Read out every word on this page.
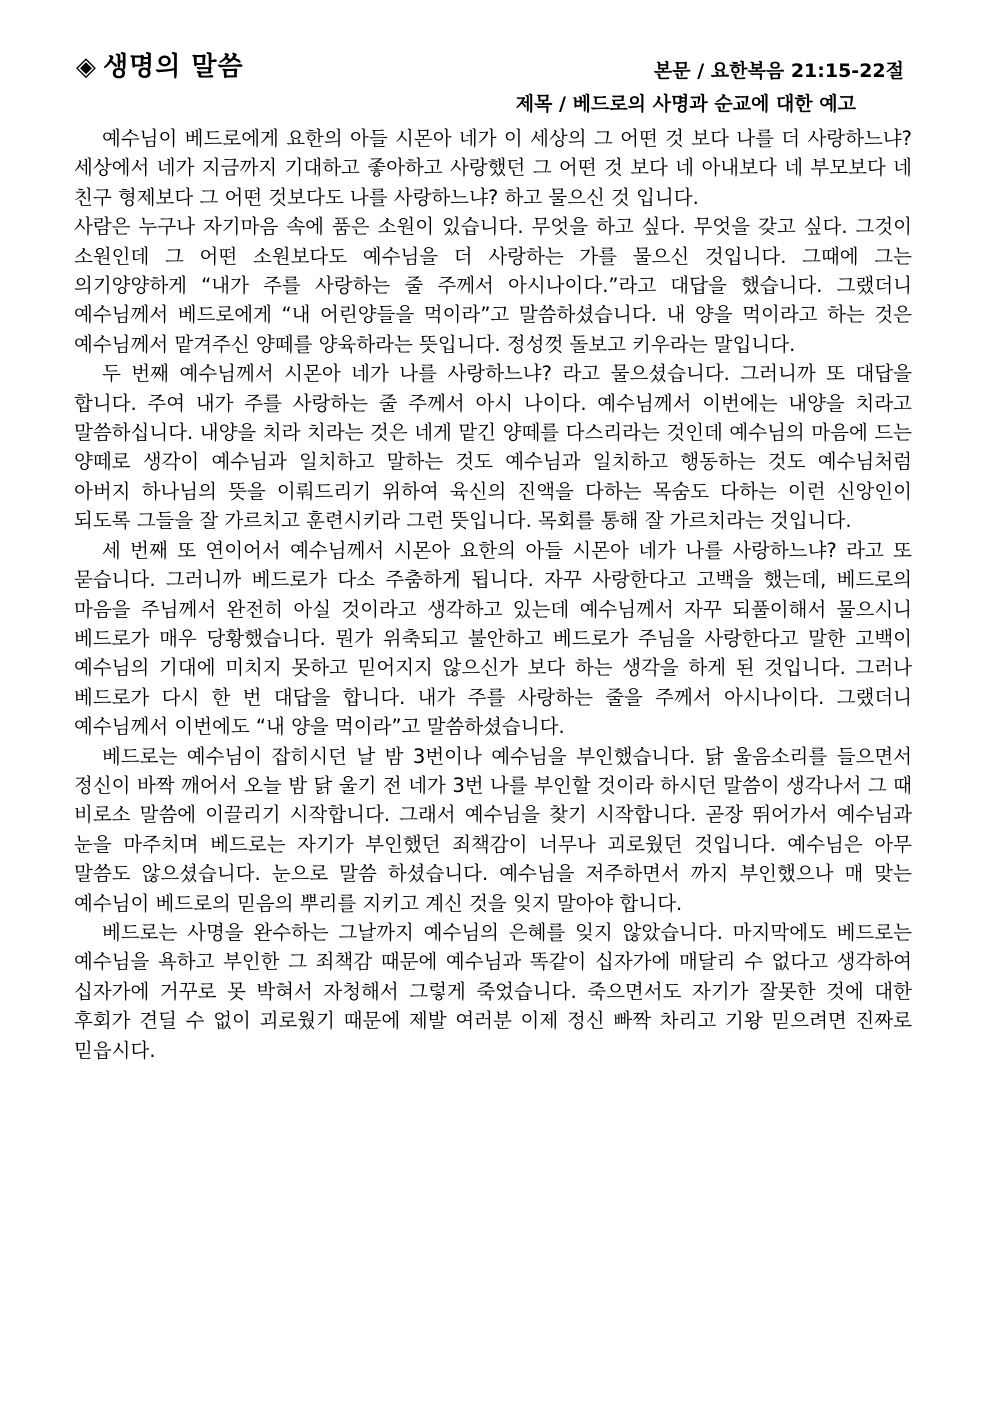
◈ 생명의 말씀	본문 / 요한복음 21:15-22절
제목 / 베드로의 사명과 순교에 대한 예고

예수님이 베드로에게 요한의 아들 시몬아 네가 이 세상의 그 어떤 것 보다 나를 더 사랑하느냐? 세상에서 네가 지금까지 기대하고 좋아하고 사랑했던 그 어떤 것 보다 네 아내보다 네 부모보다 네 친구 형제보다 그 어떤 것보다도 나를 사랑하느냐? 하고 물으신 것 입니다.

사람은 누구나 자기마음 속에 품은 소원이 있습니다. 무엇을 하고 싶다. 무엇을 갖고 싶다. 그것이 소원인데 그 어떤 소원보다도 예수님을 더 사랑하는 가를 물으신 것입니다. 그때에 그는 의기양양하게 “내가 주를 사랑하는 줄 주께서 아시나이다.”라고 대답을 했습니다. 그랬더니 예수님께서 베드로에게 “내 어린양들을 먹이라”고 말씀하셨습니다. 내 양을 먹이라고 하는 것은 예수님께서 맡겨주신 양떼를 양육하라는 뜻입니다. 정성껏 돌보고 키우라는 말입니다.

두 번째 예수님께서 시몬아 네가 나를 사랑하느냐? 라고 물으셨습니다. 그러니까 또 대답을 합니다. 주여 내가 주를 사랑하는 줄 주께서 아시 나이다. 예수님께서 이번에는 내양을 치라고 말씀하십니다. 내양을 치라 치라는 것은 네게 맡긴 양떼를 다스리라는 것인데 예수님의 마음에 드는 양떼로 생각이 예수님과 일치하고 말하는 것도 예수님과 일치하고 행동하는 것도 예수님처럼 아버지 하나님의 뜻을 이뤄드리기 위하여 육신의 진액을 다하는 목숨도 다하는 이런 신앙인이 되도록 그들을 잘 가르치고 훈련시키라 그런 뜻입니다. 목회를 통해 잘 가르치라는 것입니다.

세 번째 또 연이어서 예수님께서 시몬아 요한의 아들 시몬아 네가 나를 사랑하느냐? 라고 또 묻습니다. 그러니까 베드로가 다소 주춤하게 됩니다. 자꾸 사랑한다고 고백을 했는데, 베드로의 마음을 주님께서 완전히 아실 것이라고 생각하고 있는데 예수님께서 자꾸 되풀이해서 물으시니 베드로가 매우 당황했습니다. 뭔가 위축되고 불안하고 베드로가 주님을 사랑한다고 말한 고백이 예수님의 기대에 미치지 못하고 믿어지지 않으신가 보다 하는 생각을 하게 된 것입니다. 그러나 베드로가 다시 한 번 대답을 합니다. 내가 주를 사랑하는 줄을 주께서 아시나이다. 그랬더니 예수님께서 이번에도 “내 양을 먹이라”고 말씀하셨습니다.

베드로는 예수님이 잡히시던 날 밤 3번이나 예수님을 부인했습니다. 닭 울음소리를 들으면서 정신이 바짝 깨어서 오늘 밤 닭 울기 전 네가 3번 나를 부인할 것이라 하시던 말씀이 생각나서 그 때 비로소 말씀에 이끌리기 시작합니다. 그래서 예수님을 찾기 시작합니다. 곧장 뛰어가서 예수님과 눈을 마주치며 베드로는 자기가 부인했던 죄책감이 너무나 괴로웠던 것입니다. 예수님은 아무 말씀도 않으셨습니다. 눈으로 말씀 하셨습니다. 예수님을 저주하면서 까지 부인했으나 매 맞는 예수님이 베드로의 믿음의 뿌리를 지키고 계신 것을 잊지 말아야 합니다.

베드로는 사명을 완수하는 그날까지 예수님의 은혜를 잊지 않았습니다. 마지막에도 베드로는 예수님을 욕하고 부인한 그 죄책감 때문에 예수님과 똑같이 십자가에 매달리 수 없다고 생각하여 십자가에 거꾸로 못 박혀서 자청해서 그렇게 죽었습니다. 죽으면서도 자기가 잘못한 것에 대한 후회가 견딜 수 없이 괴로웠기 때문에 제발 여러분 이제 정신 빠짝 차리고 기왕 믿으려면 진짜로 믿읍시다.
